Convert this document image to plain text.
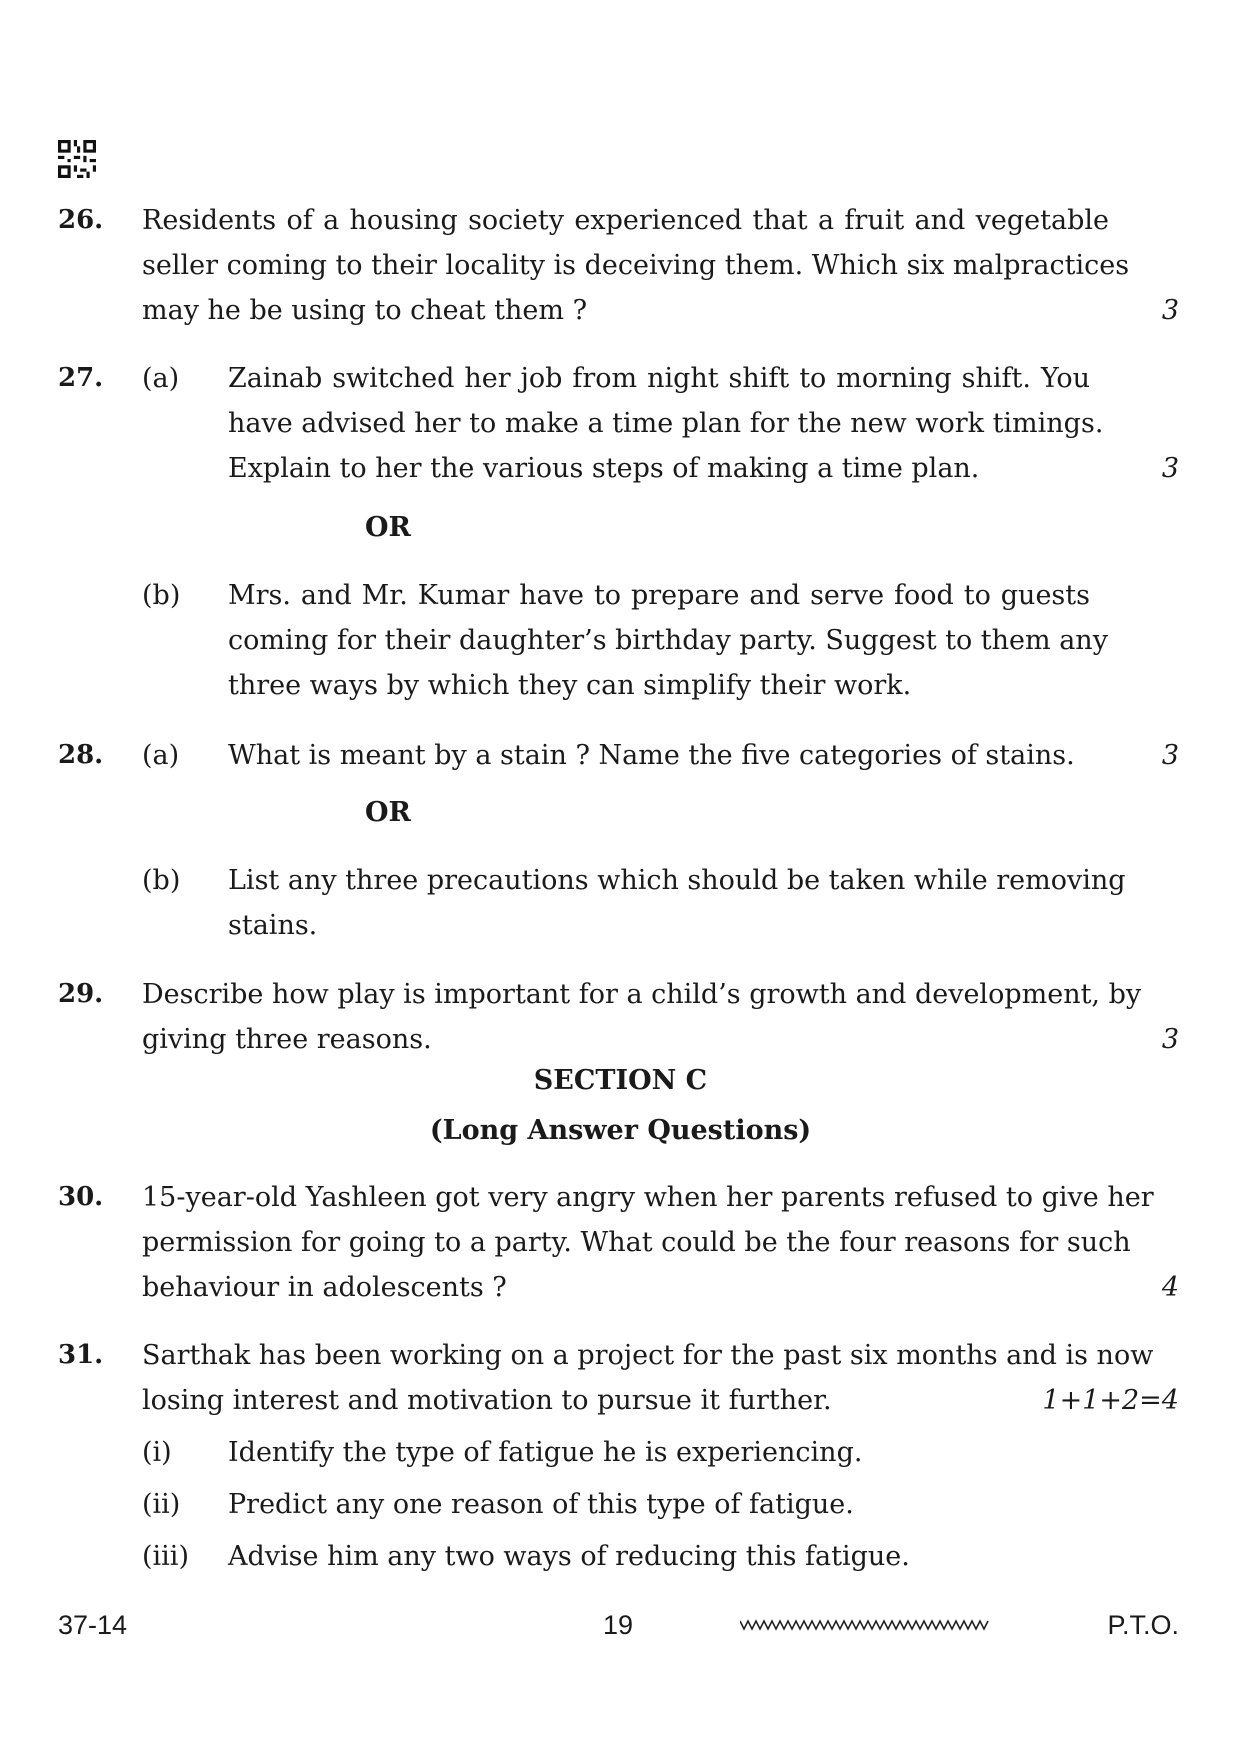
26. Residents of a housing society experienced that a fruit and vegetable
seller coming to their locality is deceiving them. Which six malpractices
may he be using to cheat them ?	3
27. (a) Zainab switched her job from night shift to morning shift. You
have advised her to make a time plan for the new work timings.
Explain to her the various steps of making a time plan.	3
OR
(b) Mrs. and Mr. Kumar have to prepare and serve food to guests
coming for their daughter’s birthday party. Suggest to them any
three ways by which they can simplify their work.
28. (a) What is meant by a stain ? Name the five categories of stains.	3
OR
(b) List any three precautions which should be taken while removing
stains.
29. Describe how play is important for a child’s growth and development, by
giving three reasons.	3
SECTION C
(Long Answer Questions)
30. 15-year-old Yashleen got very angry when her parents refused to give her
permission for going to a party. What could be the four reasons for such
behaviour in adolescents ?	4
31. Sarthak has been working on a project for the past six months and is now
losing interest and motivation to pursue it further.	1+1+2=4
(i) Identify the type of fatigue he is experiencing.
(ii) Predict any one reason of this type of fatigue.
(iii) Advise him any two ways of reducing this fatigue.
37-14	19	P.T.O.
